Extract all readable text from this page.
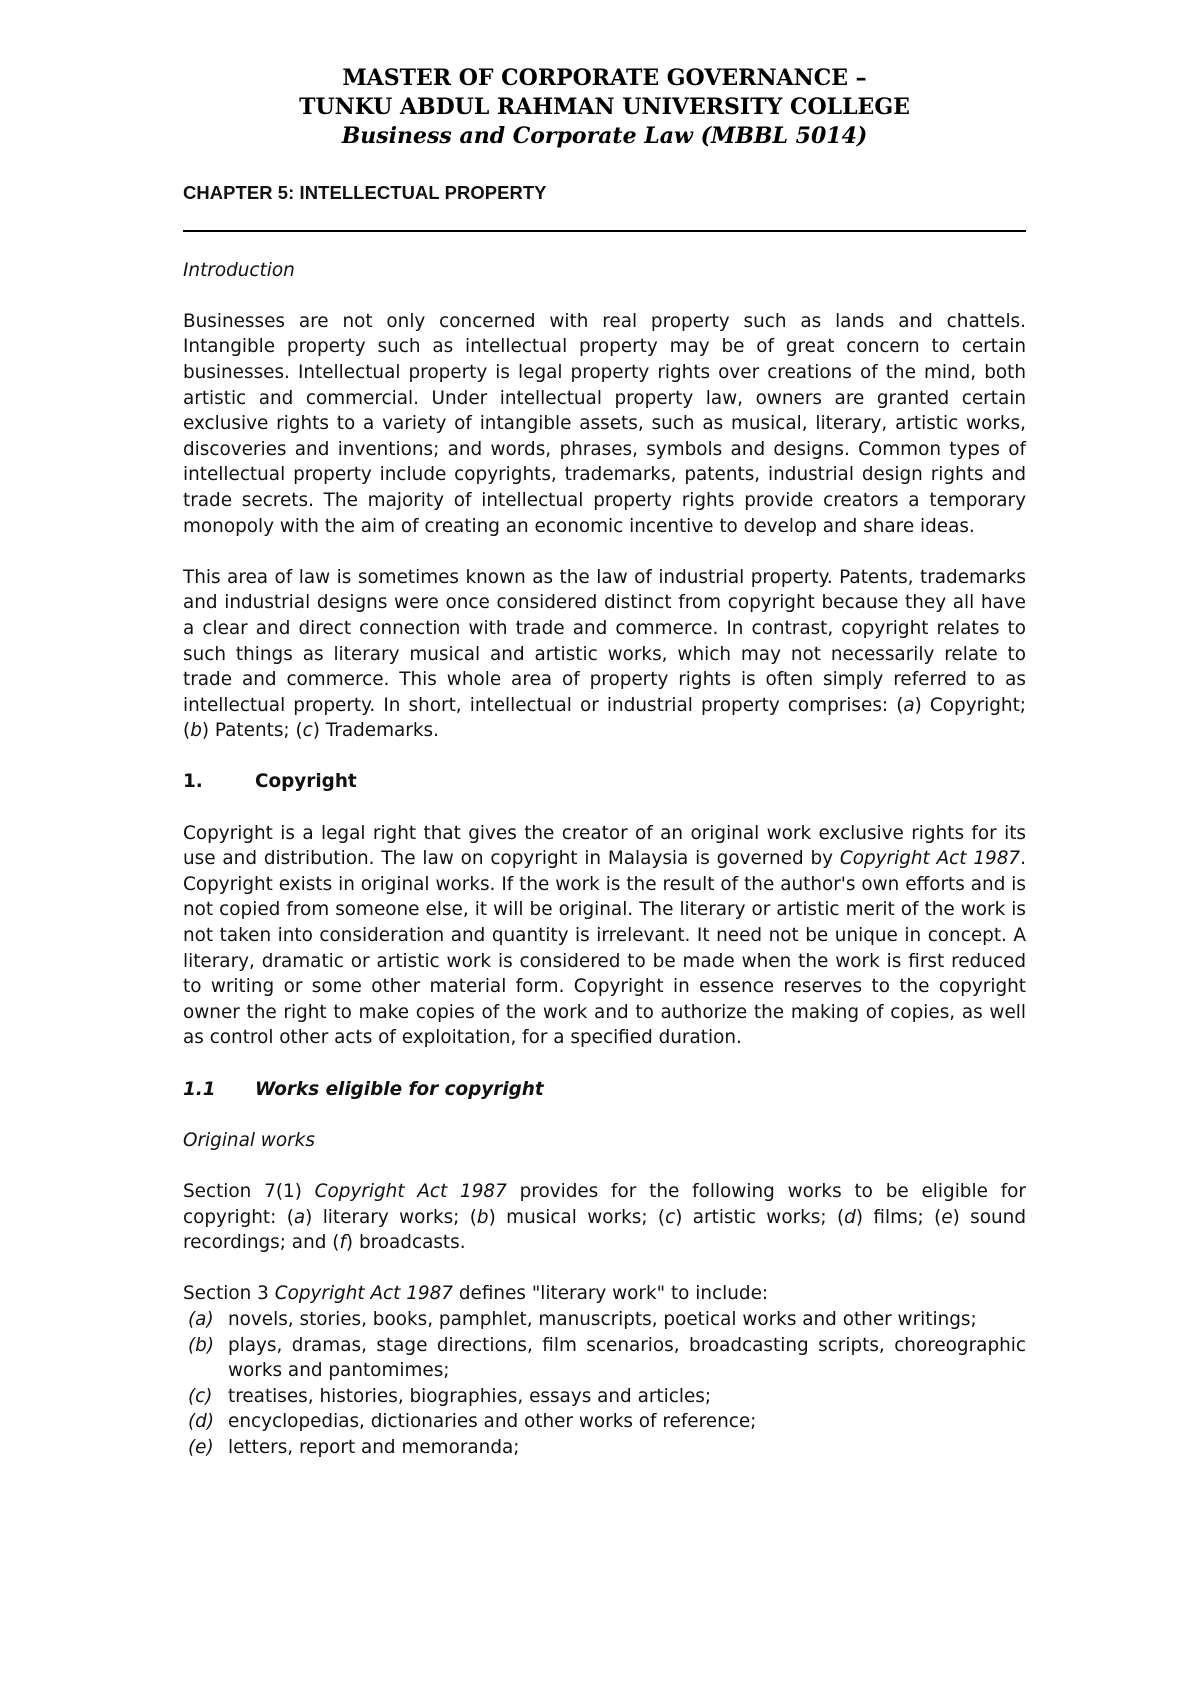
MASTER OF CORPORATE GOVERNANCE –
TUNKU ABDUL RAHMAN UNIVERSITY COLLEGE
Business and Corporate Law (MBBL 5014)
CHAPTER 5: INTELLECTUAL PROPERTY
Introduction

Businesses are not only concerned with real property such as lands and chattels. Intangible property such as intellectual property may be of great concern to certain businesses. Intellectual property is legal property rights over creations of the mind, both artistic and commercial. Under intellectual property law, owners are granted certain exclusive rights to a variety of intangible assets, such as musical, literary, artistic works, discoveries and inventions; and words, phrases, symbols and designs. Common types of intellectual property include copyrights, trademarks, patents, industrial design rights and trade secrets. The majority of intellectual property rights provide creators a temporary monopoly with the aim of creating an economic incentive to develop and share ideas.

This area of law is sometimes known as the law of industrial property. Patents, trademarks and industrial designs were once considered distinct from copyright because they all have a clear and direct connection with trade and commerce. In contrast, copyright relates to such things as literary musical and artistic works, which may not necessarily relate to trade and commerce. This whole area of property rights is often simply referred to as intellectual property. In short, intellectual or industrial property comprises: (a) Copyright; (b) Patents; (c) Trademarks.

1.	Copyright

Copyright is a legal right that gives the creator of an original work exclusive rights for its use and distribution. The law on copyright in Malaysia is governed by Copyright Act 1987. Copyright exists in original works. If the work is the result of the author's own efforts and is not copied from someone else, it will be original. The literary or artistic merit of the work is not taken into consideration and quantity is irrelevant. It need not be unique in concept. A literary, dramatic or artistic work is considered to be made when the work is first reduced to writing or some other material form. Copyright in essence reserves to the copyright owner the right to make copies of the work and to authorize the making of copies, as well as control other acts of exploitation, for a specified duration.

1.1	Works eligible for copyright
Original works

Section 7(1) Copyright Act 1987 provides for the following works to be eligible for copyright: (a) literary works; (b) musical works; (c) artistic works; (d) films; (e) sound recordings; and (f) broadcasts.

Section 3 Copyright Act 1987 defines "literary work" to include:

(a) novels, stories, books, pamphlet, manuscripts, poetical works and other writings;
(b) plays, dramas, stage directions, film scenarios, broadcasting scripts, choreographic works and pantomimes;
(c) treatises, histories, biographies, essays and articles;
(d) encyclopedias, dictionaries and other works of reference;
(e) letters, report and memoranda;
